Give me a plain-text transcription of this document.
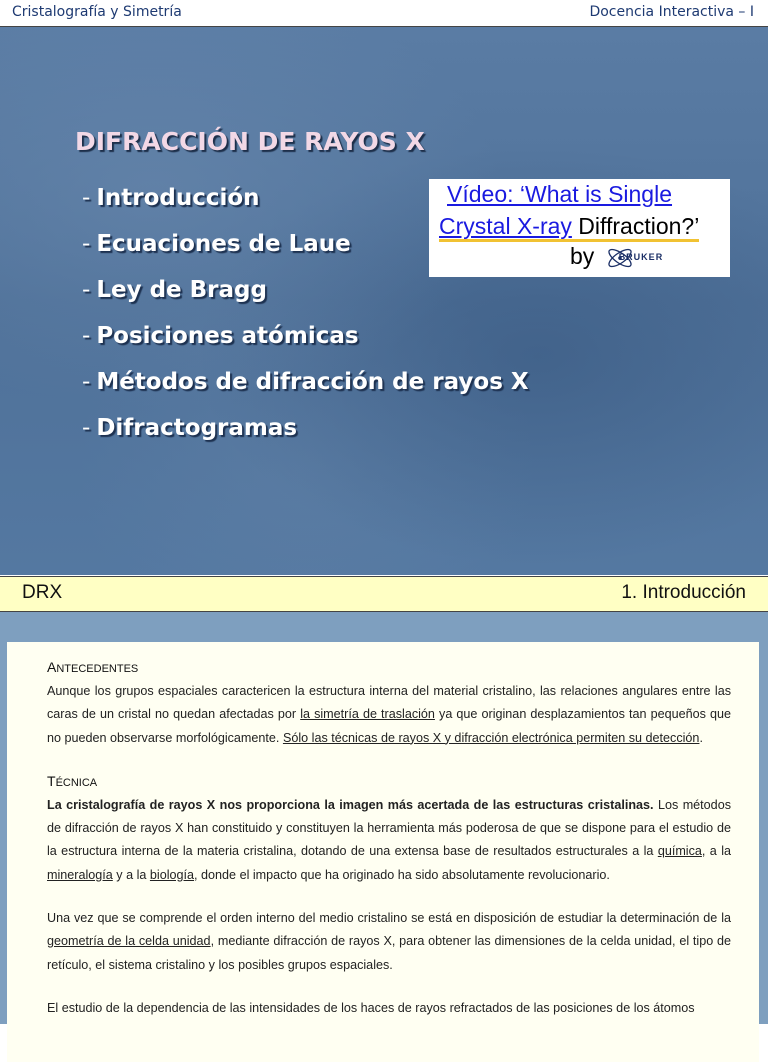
Cristalografía y Simetría	Docencia Interactiva – I
DIFRACCIÓN DE RAYOS X
- Introducción
- Ecuaciones de Laue
- Ley de Bragg
- Posiciones atómicas
- Métodos de difracción de rayos X
- Difractogramas
Vídeo: ‘What is Single
Crystal X-ray Diffraction?’
by	BRUKER
DRX	1. Introducción

ANTECEDENTES

Aunque los grupos espaciales caractericen la estructura interna del material cristalino, las relaciones angulares entre las caras de un cristal no quedan afectadas por la simetría de traslación ya que originan desplazamientos tan pequeños que no pueden observarse morfológicamente. Sólo las técnicas de rayos X y difracción electrónica permiten su detección.

TÉCNICA

La cristalografía de rayos X nos proporciona la imagen más acertada de las estructuras cristalinas. Los métodos de difracción de rayos X han constituido y constituyen la herramienta más poderosa de que se dispone para el estudio de la estructura interna de la materia cristalina, dotando de una extensa base de resultados estructurales a la química, a la mineralogía y a la biología, donde el impacto que ha originado ha sido absolutamente revolucionario.

Una vez que se comprende el orden interno del medio cristalino se está en disposición de estudiar la determinación de la geometría de la celda unidad, mediante difracción de rayos X, para obtener las dimensiones de la celda unidad, el tipo de retículo, el sistema cristalino y los posibles grupos espaciales.

El estudio de la dependencia de las intensidades de los haces de rayos refractados de las posiciones de los átomos
